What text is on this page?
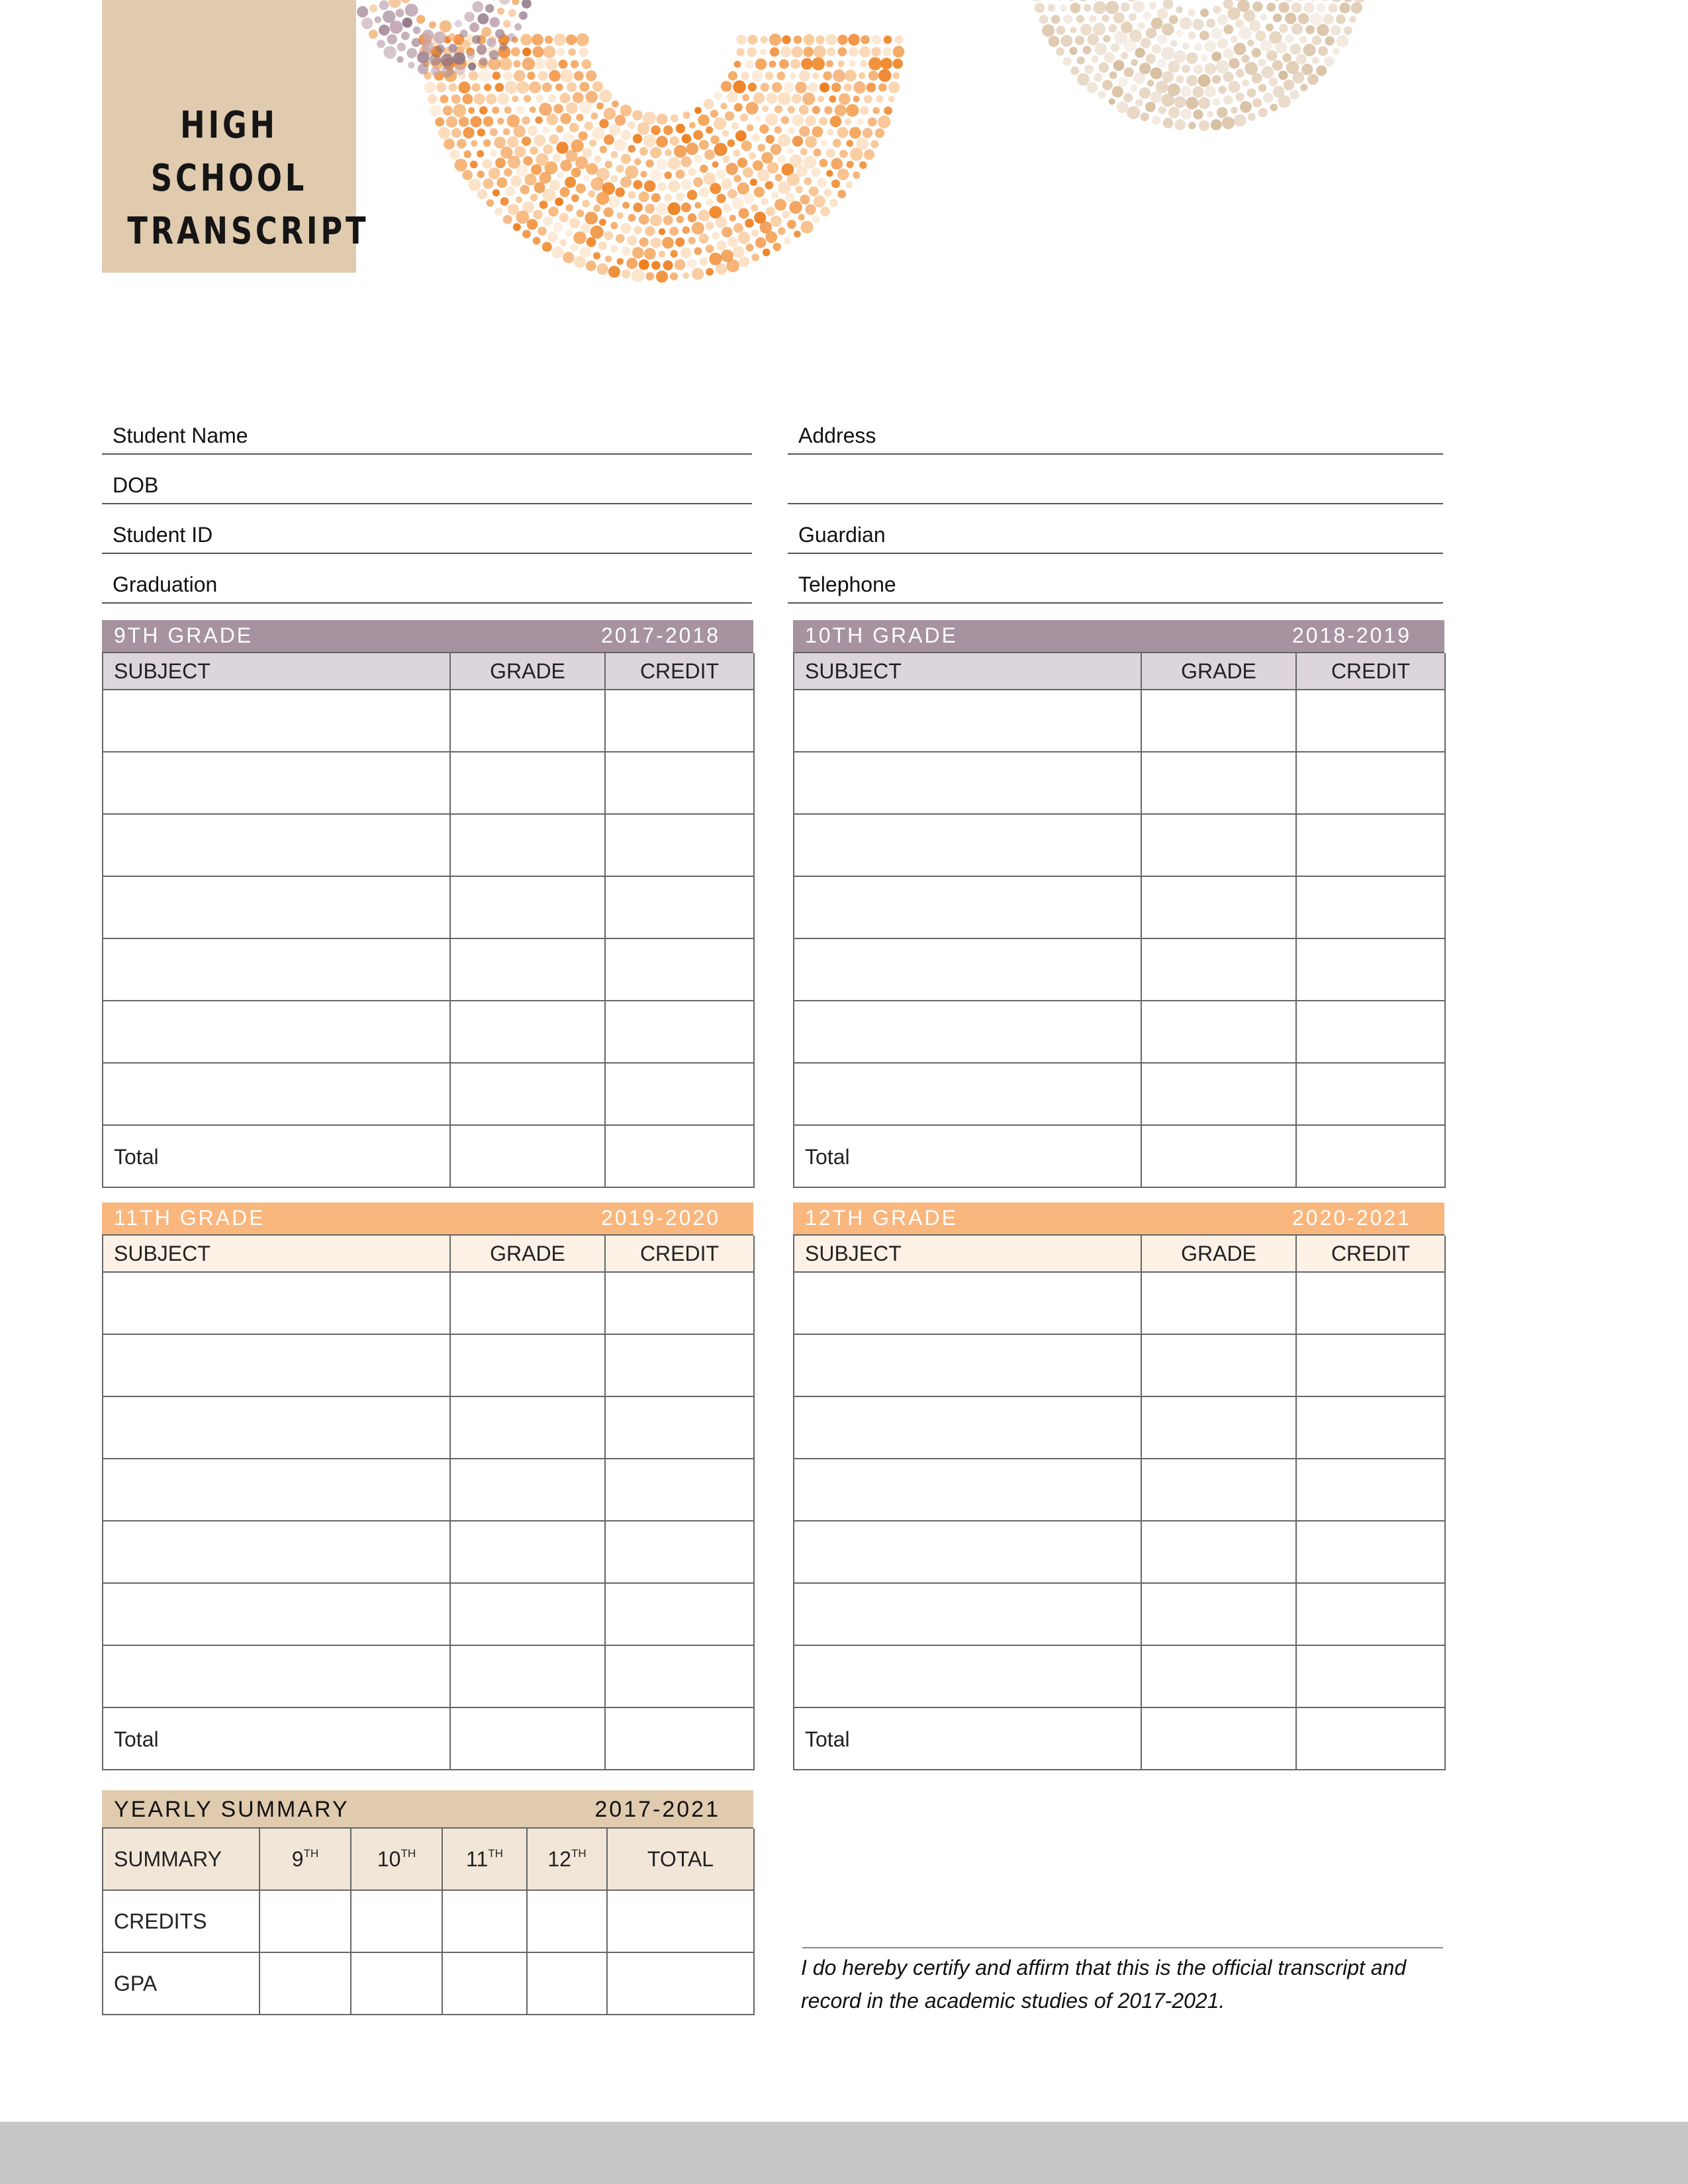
HIGH
SCHOOL
TRANSCRIPT
Student Name
DOB
Student ID
Graduation
Address
Guardian
Telephone
9TH GRADE	2017-2018
SUBJECT	GRADE	CREDIT
Total
10TH GRADE	2018-2019
SUBJECT	GRADE	CREDIT
Total
11TH GRADE	2019-2020
SUBJECT	GRADE	CREDIT
Total
12TH GRADE	2020-2021
SUBJECT	GRADE	CREDIT
Total
YEARLY SUMMARY	2017-2021
SUMMARY	9TH	10TH	11TH	12TH	TOTAL
CREDITS
GPA
I do hereby certify and affirm that this is the official transcript and record in the academic studies of 2017-2021.
